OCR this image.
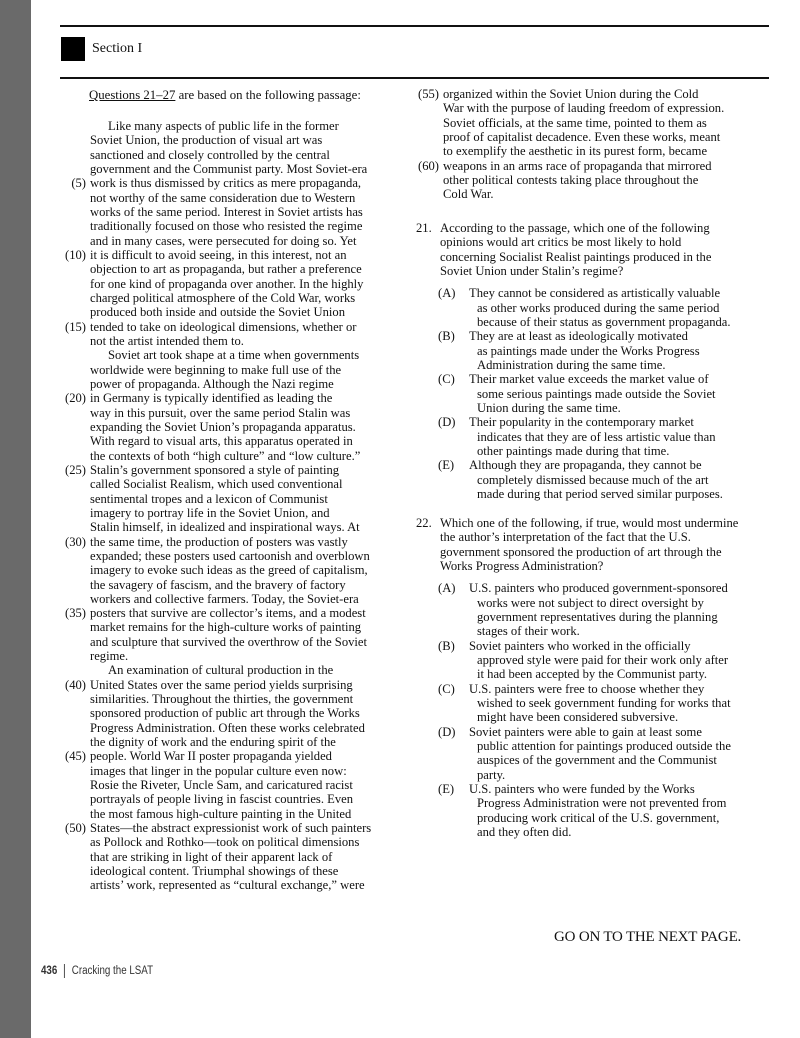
Section I
Questions 21–27 are based on the following passage:
Like many aspects of public life in the former
Soviet Union, the production of visual art was
sanctioned and closely controlled by the central
government and the Communist party. Most Soviet-era
work is thus dismissed by critics as mere propaganda,
(5)
not worthy of the same consideration due to Western
works of the same period. Interest in Soviet artists has
traditionally focused on those who resisted the regime
and in many cases, were persecuted for doing so. Yet
it is difficult to avoid seeing, in this interest, not an
(10)
objection to art as propaganda, but rather a preference
for one kind of propaganda over another. In the highly
charged political atmosphere of the Cold War, works
produced both inside and outside the Soviet Union
tended to take on ideological dimensions, whether or
(15)
not the artist intended them to.
Soviet art took shape at a time when governments
worldwide were beginning to make full use of the
power of propaganda. Although the Nazi regime
in Germany is typically identified as leading the
(20)
way in this pursuit, over the same period Stalin was
expanding the Soviet Union’s propaganda apparatus.
With regard to visual arts, this apparatus operated in
the contexts of both “high culture” and “low culture.”
Stalin’s government sponsored a style of painting
(25)
called Socialist Realism, which used conventional
sentimental tropes and a lexicon of Communist
imagery to portray life in the Soviet Union, and
Stalin himself, in idealized and inspirational ways. At
the same time, the production of posters was vastly
(30)
expanded; these posters used cartoonish and overblown
imagery to evoke such ideas as the greed of capitalism,
the savagery of fascism, and the bravery of factory
workers and collective farmers. Today, the Soviet-era
posters that survive are collector’s items, and a modest
(35)
market remains for the high-culture works of painting
and sculpture that survived the overthrow of the Soviet
regime.
An examination of cultural production in the
United States over the same period yields surprising
(40)
similarities. Throughout the thirties, the government
sponsored production of public art through the Works
Progress Administration. Often these works celebrated
the dignity of work and the enduring spirit of the
people. World War II poster propaganda yielded
(45)
images that linger in the popular culture even now:
Rosie the Riveter, Uncle Sam, and caricatured racist
portrayals of people living in fascist countries. Even
the most famous high-culture painting in the United
States—the abstract expressionist work of such painters
(50)
as Pollock and Rothko—took on political dimensions
that are striking in light of their apparent lack of
ideological content. Triumphal showings of these
artists’ work, represented as “cultural exchange,” were
organized within the Soviet Union during the Cold
(55)
War with the purpose of lauding freedom of expression.
Soviet officials, at the same time, pointed to them as
proof of capitalist decadence. Even these works, meant
to exemplify the aesthetic in its purest form, became
weapons in an arms race of propaganda that mirrored
(60)
other political contests taking place throughout the
Cold War.
21. According to the passage, which one of the following
opinions would art critics be most likely to hold
concerning Socialist Realist paintings produced in the
Soviet Union under Stalin’s regime?
(A) They cannot be considered as artistically valuable
as other works produced during the same period
because of their status as government propaganda.
(B) They are at least as ideologically motivated
as paintings made under the Works Progress
Administration during the same time.
(C) Their market value exceeds the market value of
some serious paintings made outside the Soviet
Union during the same time.
(D) Their popularity in the contemporary market
indicates that they are of less artistic value than
other paintings made during that time.
(E) Although they are propaganda, they cannot be
completely dismissed because much of the art
made during that period served similar purposes.
22. Which one of the following, if true, would most undermine
the author’s interpretation of the fact that the U.S.
government sponsored the production of art through the
Works Progress Administration?
(A) U.S. painters who produced government-sponsored
works were not subject to direct oversight by
government representatives during the planning
stages of their work.
(B) Soviet painters who worked in the officially
approved style were paid for their work only after
it had been accepted by the Communist party.
(C) U.S. painters were free to choose whether they
wished to seek government funding for works that
might have been considered subversive.
(D) Soviet painters were able to gain at least some
public attention for paintings produced outside the
auspices of the government and the Communist
party.
(E) U.S. painters who were funded by the Works
Progress Administration were not prevented from
producing work critical of the U.S. government,
and they often did.
GO ON TO THE NEXT PAGE.
436 Cracking the LSAT
